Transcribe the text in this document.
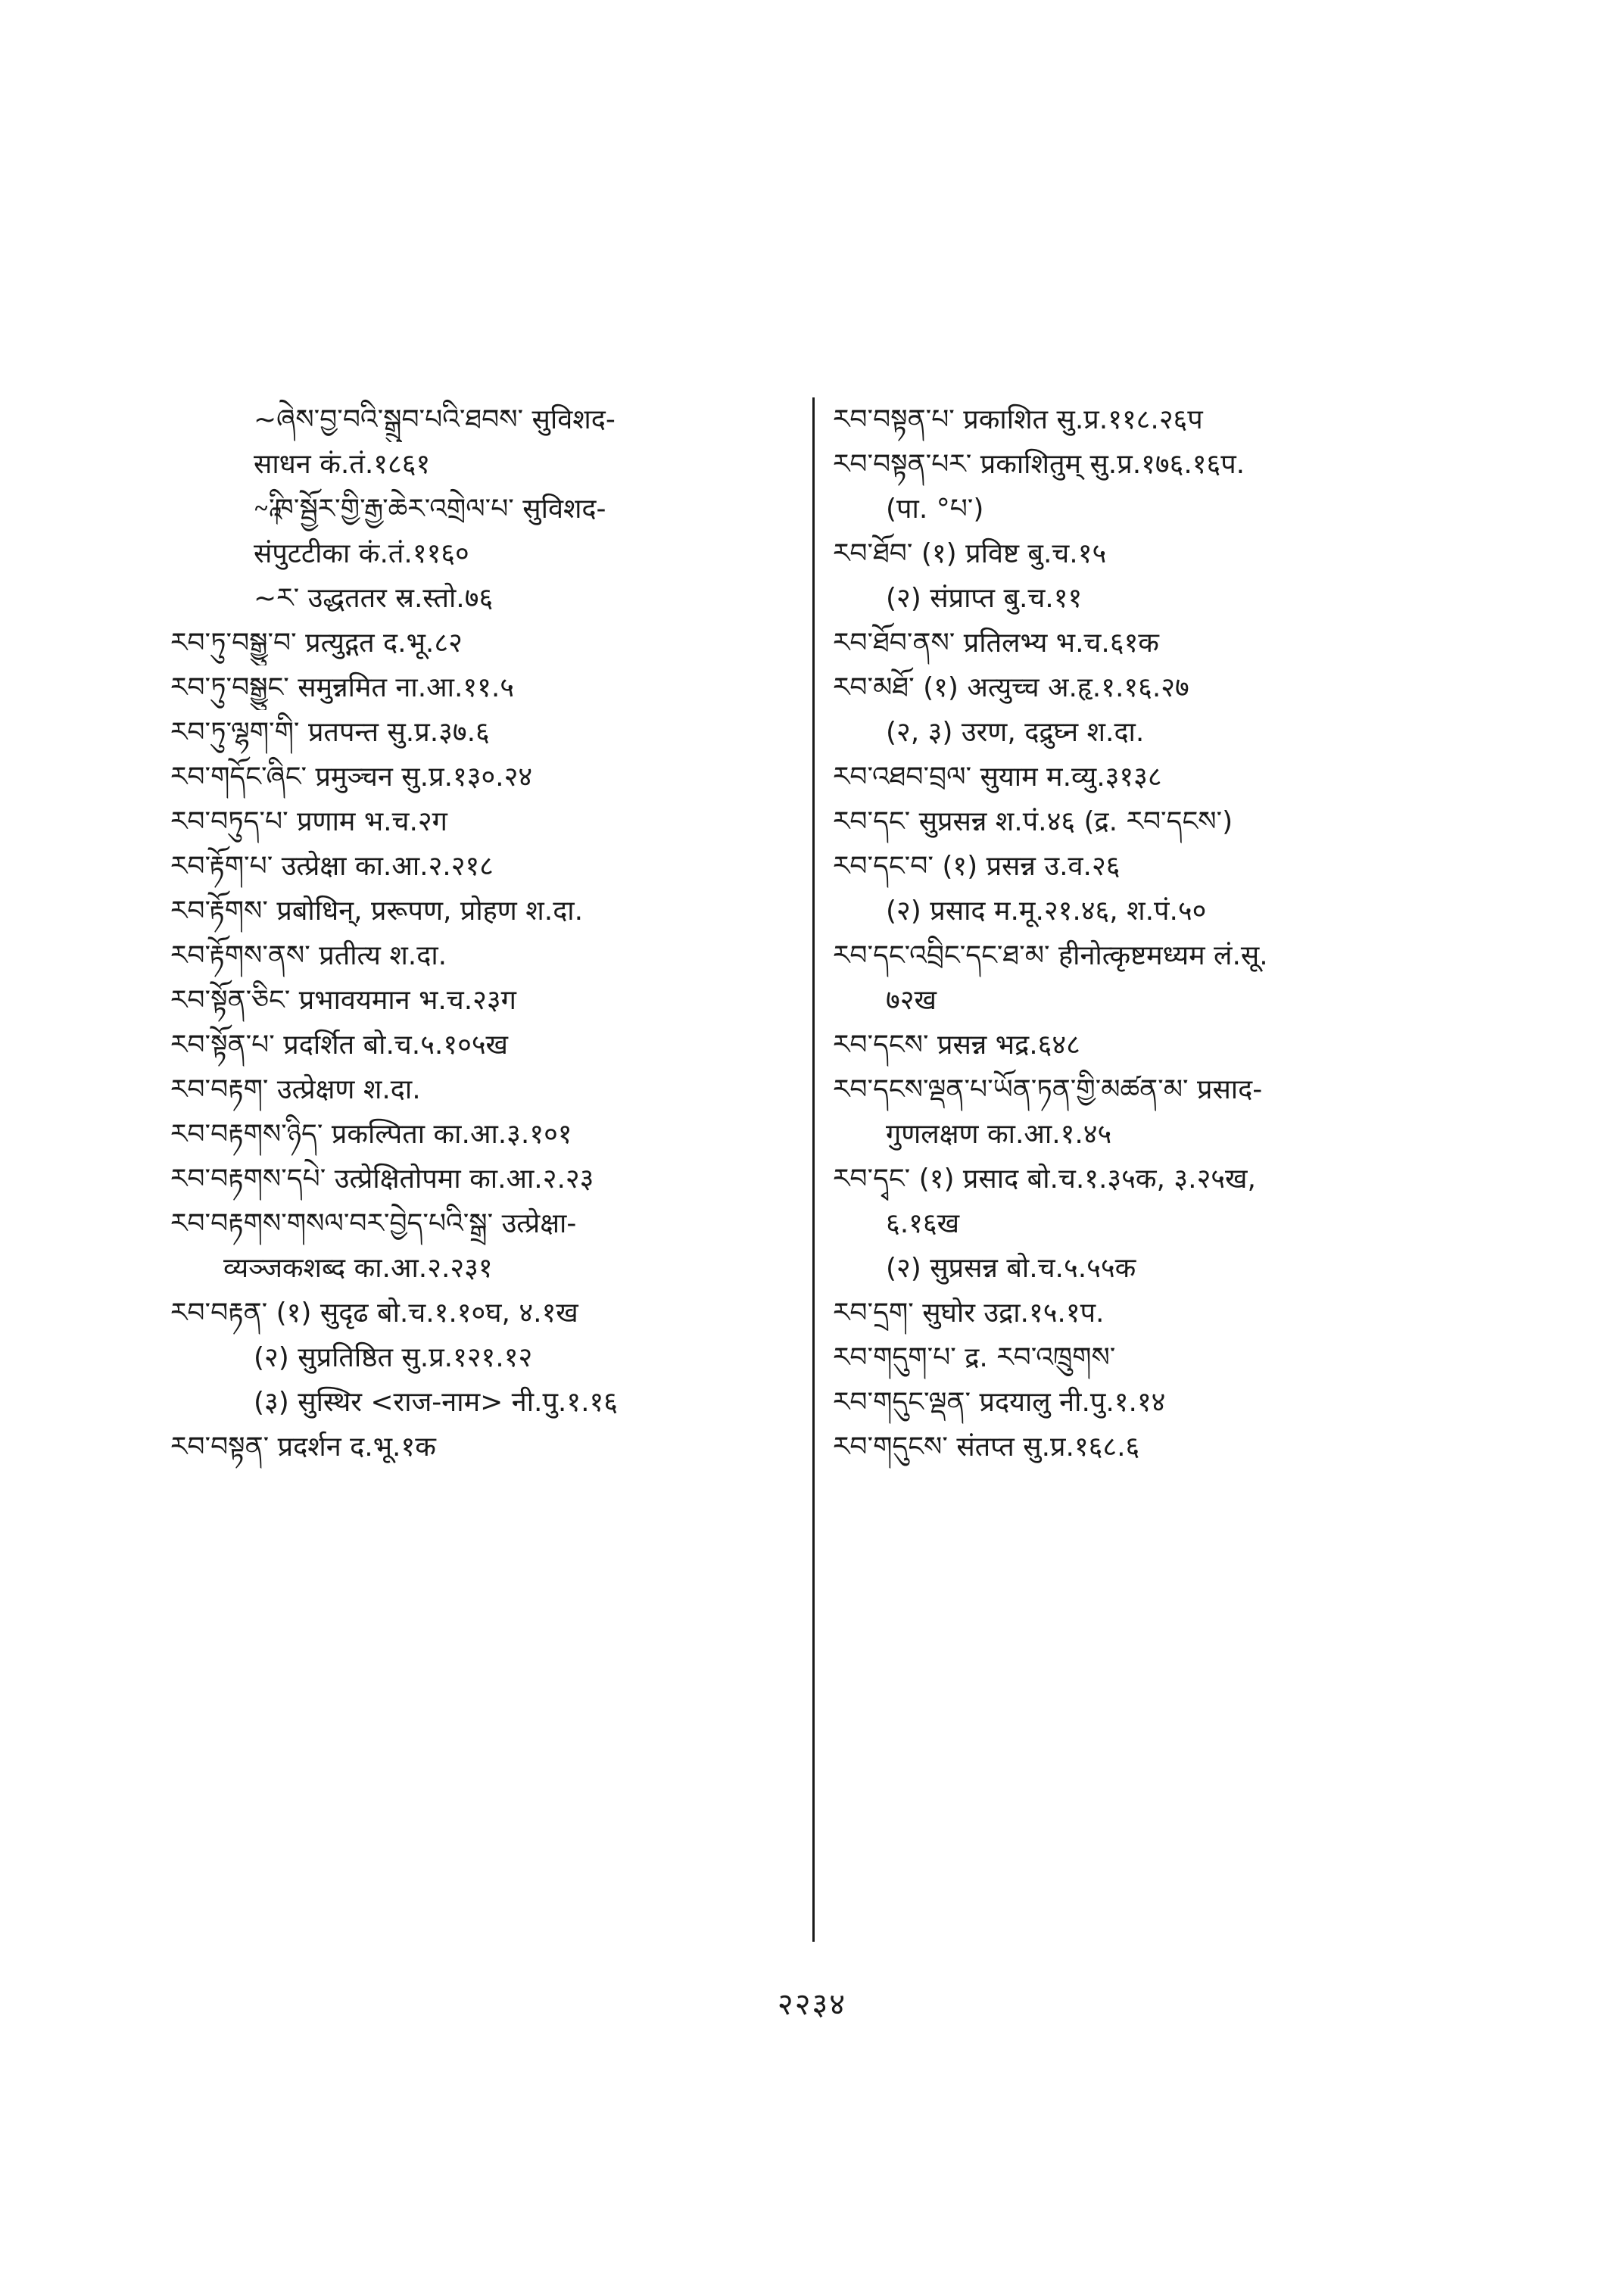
~ཞེས་བྱ་བའི་སྒྲུབ་པའི་ཐབས་ सुविशद-
साधन कं.तं.१८६१
~ཱི་ཁ་སྦྱོར་གྱི་རྒྱ་ཆེར་འགྲེལ་པ་ सुविशद-
संपुटटीका कं.तं.११६०
~ར་ उद्धततर स्र.स्तो.७६
རབ་ཏུ་བསྒྱུ་བ་ प्रत्युद्गत द.भू.८२
རབ་ཏུ་བསྒྱུང་ समुन्नमित ना.आ.११.५
རབ་ཏུ་ལྷག་གི་ प्रतपन्त सु.प्र.३७.६
རབ་གདོང་ཞིང་ प्रमुञ्चन सु.प्र.१३०.२४
རབ་བཏུད་པ་ प्रणाम भ.च.२ग
རབ་རྟོག་པ་ उत्प्रेक्षा का.आ.२.२१८
རབ་རྟོགས་ प्रबोधिन्, प्ररूपण, प्रोहण श.दा.
རབ་རྟོགས་ནས་ प्रतीत्य श.दा.
རབ་སྟོན་ཅིང་ प्रभावयमान भ.च.२३ग
རབ་སྟོན་པ་ प्रदर्शित बो.च.५.१०५ख
རབ་བརྟག་ उत्प्रेक्षण श.दा.
རབ་བརྟགས་ཉིད་ प्रकल्पिता का.आ.३.१०१
རབ་བརྟགས་དཔེ་ उत्प्रेक्षितोपमा का.आ.२.२३
རབ་བརྟགས་གསལ་བར་བྱེད་པའི་སྒྲ་ उत्प्रेक्षा-
व्यञ्जकशब्द का.आ.२.२३१
རབ་བརྟན་ (१) सुदृढ बो.च.१.१०घ, ४.१ख
(२) सुप्रतिष्ठित सु.प्र.१२१.१२
(३) सुस्थिर <राज-नाम> नी.पु.१.१६
རབ་བསྟན་ प्रदर्शन द.भू.१क
རབ་བསྟན་པ་ प्रकाशित सु.प्र.११८.२६प
རབ་བསྟན་པར་ प्रकाशितुम् सु.प्र.१७६.१६प.
(पा. °པ་)
རབ་ཐོབ་ (१) प्रविष्ट बु.च.१५
(२) संप्राप्त बु.च.११
རབ་ཐོབ་ནས་ प्रतिलभ्य भ.च.६१क
རབ་མཐོ་ (१) अत्युच्च अ.हृ.१.१६.२७
(२, ३) उरण, दद्रुघ्न श.दा.
རབ་འཐབ་བྲལ་ सुयाम म.व्यु.३१३८
རབ་དང་ सुप्रसन्न श.पं.४६ (द्र. རབ་དངས་)
རབ་དང་བ་ (१) प्रसन्न उ.व.२६
(२) प्रसाद म.मू.२१.४६, श.पं.५०
རབ་དང་འབྲིང་དང་ཐ་མ་ हीनोत्कृष्टमध्यम लं.सू.
७२ख
རབ་དངས་ प्रसन्न भद्र.६४८
རབ་དངས་ལྡན་པ་ཡོན་ཏན་གྱི་མཚན་མ་ प्रसाद-
गुणलक्षण का.आ.१.४५
རབ་དྭང་ (१) प्रसाद बो.च.१.३५क, ३.२५ख,
६.१६ख
(२) सुप्रसन्न बो.च.५.५५क
རབ་དྲག་ सुघोर उद्रा.१५.१प.
རབ་གདུག་པ་ द्र. རབ་འཁྲུགས་
རབ་གདུང་ལྡན་ प्रदयालु नी.पु.१.१४
རབ་གདུངས་ संतप्त सु.प्र.१६८.६
२२३४
